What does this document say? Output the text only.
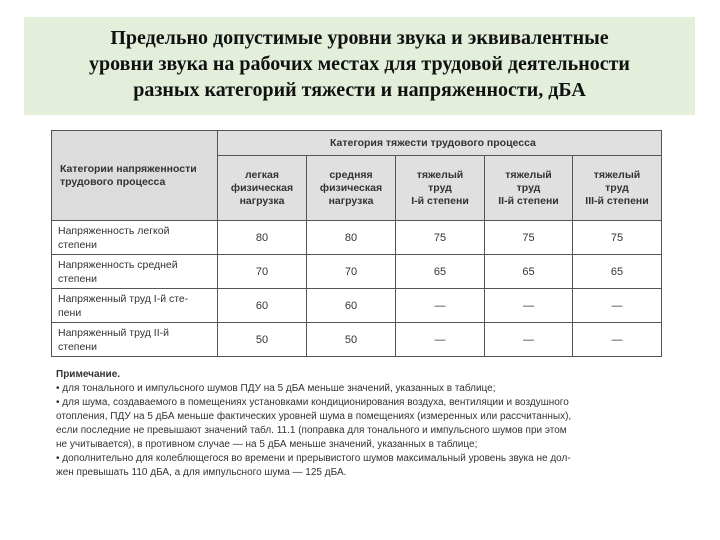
Предельно допустимые уровни звука и эквивалентные
уровни звука на рабочих местах для трудовой деятельности
разных категорий тяжести и напряженности, дБА
Категории напряженности
трудового процесса	Категория тяжести трудового процесса				
	легкая
физическая
нагрузка	средняя
физическая
нагрузка	тяжелый
труд
I-й степени	тяжелый
труд
II-й степени	тяжелый
труд
III-й степени
Напряженность легкой
степени	80	80	75	75	75
Напряженность средней
степени	70	70	65	65	65
Напряженный труд I-й сте-
пени	60	60	—	—	—
Напряженный труд II-й
степени	50	50	—	—	—

Примечание.

• для тонального и импульсного шумов ПДУ на 5 дБА меньше значений, указанных в таблице;

• для шума, создаваемого в помещениях установками кондиционирования воздуха, вентиляции и воздушного

отопления, ПДУ на 5 дБА меньше фактических уровней шума в помещениях (измеренных или рассчитанных),

если последние не превышают значений табл. 11.1 (поправка для тонального и импульсного шумов при этом

не учитывается), в противном случае — на 5 дБА меньше значений, указанных в таблице;

• дополнительно для колеблющегося во времени и прерывистого шумов максимальный уровень звука не дол-

жен превышать 110 дБА, а для импульсного шума — 125 дБА.
